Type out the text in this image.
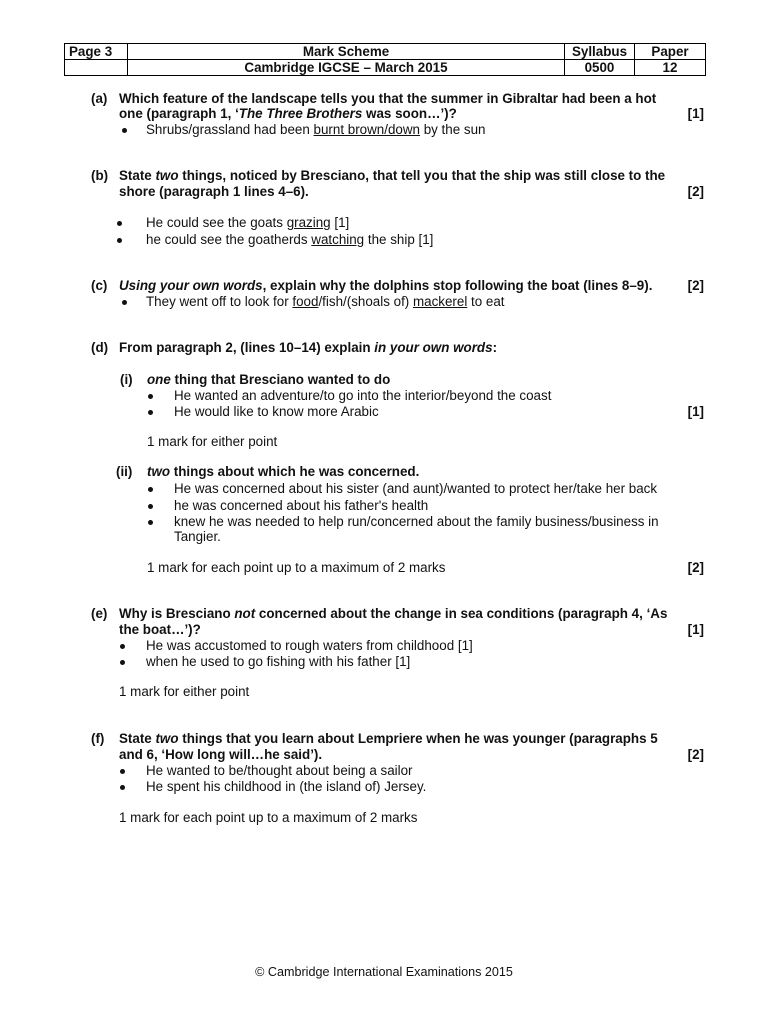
Page 3	Mark Scheme	Syllabus	Paper
	Cambridge IGCSE – March 2015	0500	12
(a) Which feature of the landscape tells you that the summer in Gibraltar had been a hot
one (paragraph 1, ‘The Three Brothers was soon…’)?	[1]
Shrubs/grassland had been burnt brown/down by the sun
(b) State two things, noticed by Bresciano, that tell you that the ship was still close to the
shore (paragraph 1 lines 4–6).	[2]
He could see the goats grazing [1]
he could see the goatherds watching the ship [1]
(c) Using your own words, explain why the dolphins stop following the boat (lines 8–9).	[2]
They went off to look for food/fish/(shoals of) mackerel to eat
(d) From paragraph 2, (lines 10–14) explain in your own words:
(i) one thing that Bresciano wanted to do
He wanted an adventure/to go into the interior/beyond the coast
He would like to know more Arabic	[1]
1 mark for either point
(ii) two things about which he was concerned.
He was concerned about his sister (and aunt)/wanted to protect her/take her back
he was concerned about his father's health
knew he was needed to help run/concerned about the family business/business in
Tangier.
1 mark for each point up to a maximum of 2 marks	[2]
(e) Why is Bresciano not concerned about the change in sea conditions (paragraph 4, ‘As
the boat…’)?	[1]
He was accustomed to rough waters from childhood [1]
when he used to go fishing with his father [1]
1 mark for either point
(f) State two things that you learn about Lempriere when he was younger (paragraphs 5
and 6, ‘How long will…he said’).	[2]
He wanted to be/thought about being a sailor
He spent his childhood in (the island of) Jersey.
1 mark for each point up to a maximum of 2 marks
© Cambridge International Examinations 2015
